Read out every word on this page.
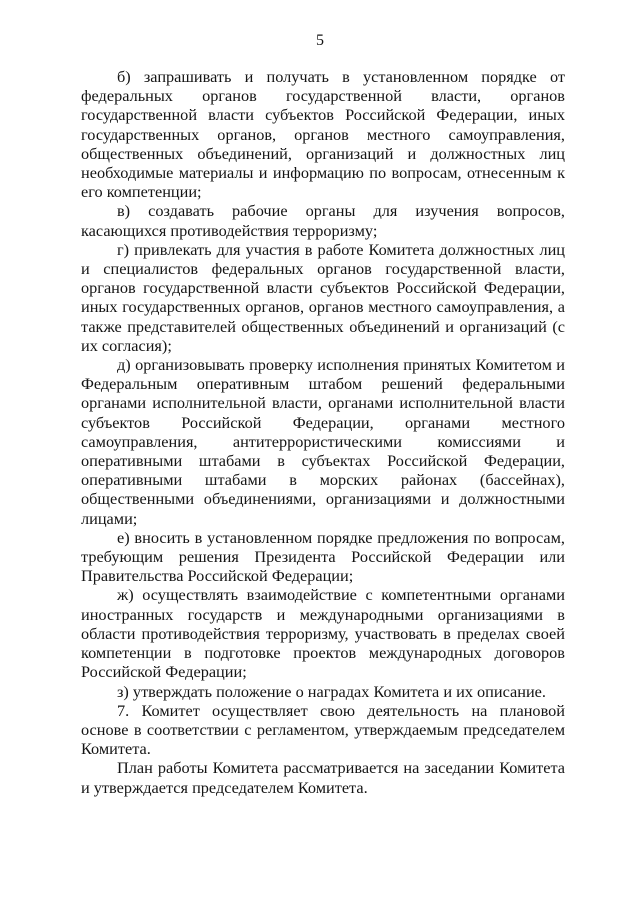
5

б) запрашивать и получать в установленном порядке от федеральных органов государственной власти, органов государственной власти субъектов Российской Федерации, иных государственных органов, органов местного самоуправления, общественных объединений, организаций и должностных лиц необходимые материалы и информацию по вопросам, отнесенным к его компетенции;

в) создавать рабочие органы для изучения вопросов, касающихся противодействия терроризму;

г) привлекать для участия в работе Комитета должностных лиц и специалистов федеральных органов государственной власти, органов государственной власти субъектов Российской Федерации, иных государственных органов, органов местного самоуправления, а также представителей общественных объединений и организаций (с их согласия);

д) организовывать проверку исполнения принятых Комитетом и Федеральным оперативным штабом решений федеральными органами исполнительной власти, органами исполнительной власти субъектов Российской Федерации, органами местного самоуправления, антитеррористическими комиссиями и оперативными штабами в субъектах Российской Федерации, оперативными штабами в морских районах (бассейнах), общественными объединениями, организациями и должностными лицами;

е) вносить в установленном порядке предложения по вопросам, требующим решения Президента Российской Федерации или Правительства Российской Федерации;

ж) осуществлять взаимодействие с компетентными органами иностранных государств и международными организациями в области противодействия терроризму, участвовать в пределах своей компетенции в подготовке проектов международных договоров Российской Федерации;

з) утверждать положение о наградах Комитета и их описание.

7. Комитет осуществляет свою деятельность на плановой основе в соответствии с регламентом, утверждаемым председателем Комитета.

План работы Комитета рассматривается на заседании Комитета и утверждается председателем Комитета.
